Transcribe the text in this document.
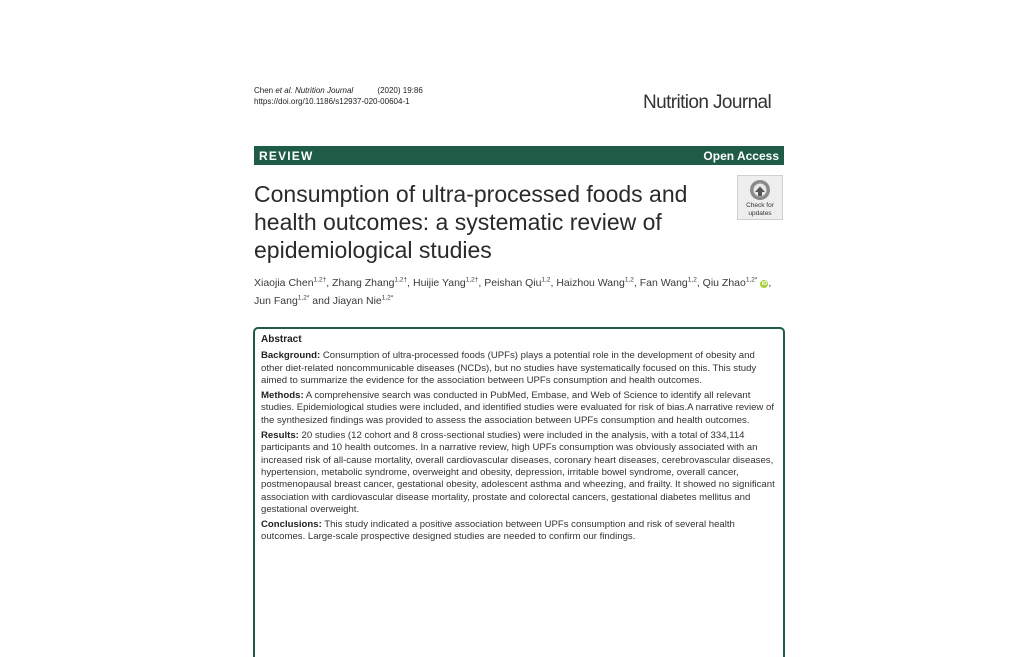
Chen et al. Nutrition Journal	(2020) 19:86
https://doi.org/10.1186/s12937-020-00604-1	Nutrition Journal
REVIEW	Open Access
Consumption of ultra-processed foods and health outcomes: a systematic review of epidemiological studies
Check for
updates
Xiaojia Chen$^{1,2\dagger}$, Zhang Zhang$^{1,2\dagger}$, Huijie Yang$^{1,2\dagger}$, Peishan Qiu$^{1,2}$, Haizhou Wang$^{1,2}$, Fan Wang$^{1,2}$, Qiu Zhao$^{1,2*}$ iD,
Jun Fang$^{1,2*}$ and Jiayan Nie$^{1,2*}$
Abstract

Background: Consumption of ultra-processed foods (UPFs) plays a potential role in the development of obesity and other diet-related noncommunicable diseases (NCDs), but no studies have systematically focused on this. This study aimed to summarize the evidence for the association between UPFs consumption and health outcomes.

Methods: A comprehensive search was conducted in PubMed, Embase, and Web of Science to identify all relevant studies. Epidemiological studies were included, and identified studies were evaluated for risk of bias.A narrative review of the synthesized findings was provided to assess the association between UPFs consumption and health outcomes.

Results: 20 studies (12 cohort and 8 cross-sectional studies) were included in the analysis, with a total of 334,114 participants and 10 health outcomes. In a narrative review, high UPFs consumption was obviously associated with an increased risk of all-cause mortality, overall cardiovascular diseases, coronary heart diseases, cerebrovascular diseases, hypertension, metabolic syndrome, overweight and obesity, depression, irritable bowel syndrome, overall cancer, postmenopausal breast cancer, gestational obesity, adolescent asthma and wheezing, and frailty. It showed no significant association with cardiovascular disease mortality, prostate and colorectal cancers, gestational diabetes mellitus and gestational overweight.

Conclusions: This study indicated a positive association between UPFs consumption and risk of several health outcomes. Large-scale prospective designed studies are needed to confirm our findings.
